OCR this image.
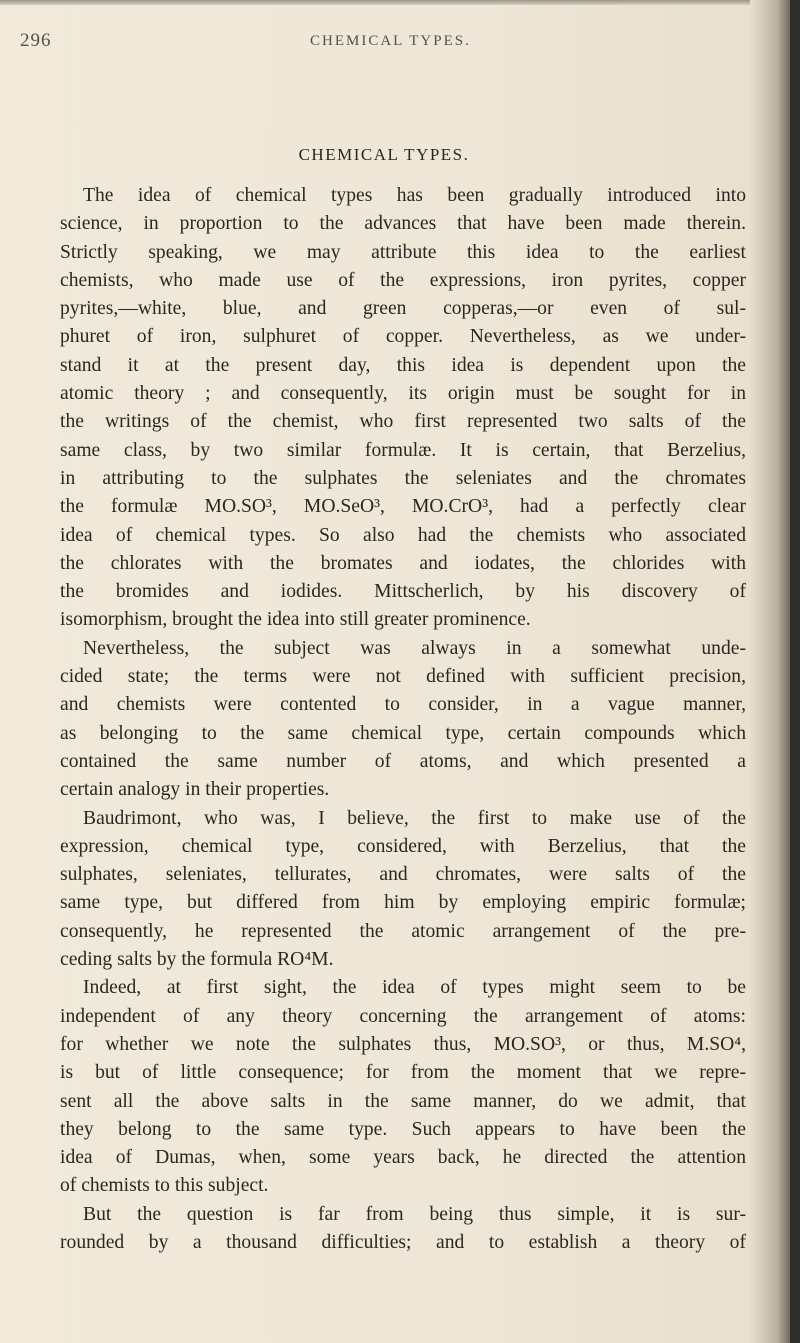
296	CHEMICAL TYPES.
CHEMICAL TYPES.
The idea of chemical types has been gradually introduced into
science, in proportion to the advances that have been made therein.
Strictly speaking, we may attribute this idea to the earliest
chemists, who made use of the expressions, iron pyrites, copper
pyrites,—white, blue, and green copperas,—or even of sul-
phuret of iron, sulphuret of copper. Nevertheless, as we under-
stand it at the present day, this idea is dependent upon the
atomic theory ; and consequently, its origin must be sought for in
the writings of the chemist, who first represented two salts of the
same class, by two similar formulæ. It is certain, that Berzelius,
in attributing to the sulphates the seleniates and the chromates
the formulæ MO.SO³, MO.SeO³, MO.CrO³, had a perfectly clear
idea of chemical types. So also had the chemists who associated
the chlorates with the bromates and iodates, the chlorides with
the bromides and iodides. Mittscherlich, by his discovery of
isomorphism, brought the idea into still greater prominence.
Nevertheless, the subject was always in a somewhat unde-
cided state; the terms were not defined with sufficient precision,
and chemists were contented to consider, in a vague manner,
as belonging to the same chemical type, certain compounds which
contained the same number of atoms, and which presented a
certain analogy in their properties.
Baudrimont, who was, I believe, the first to make use of the
expression, chemical type, considered, with Berzelius, that the
sulphates, seleniates, tellurates, and chromates, were salts of the
same type, but differed from him by employing empiric formulæ;
consequently, he represented the atomic arrangement of the pre-
ceding salts by the formula RO⁴M.
Indeed, at first sight, the idea of types might seem to be
independent of any theory concerning the arrangement of atoms:
for whether we note the sulphates thus, MO.SO³, or thus, M.SO⁴,
is but of little consequence; for from the moment that we repre-
sent all the above salts in the same manner, do we admit, that
they belong to the same type. Such appears to have been the
idea of Dumas, when, some years back, he directed the attention
of chemists to this subject.
But the question is far from being thus simple, it is sur-
rounded by a thousand difficulties; and to establish a theory of
